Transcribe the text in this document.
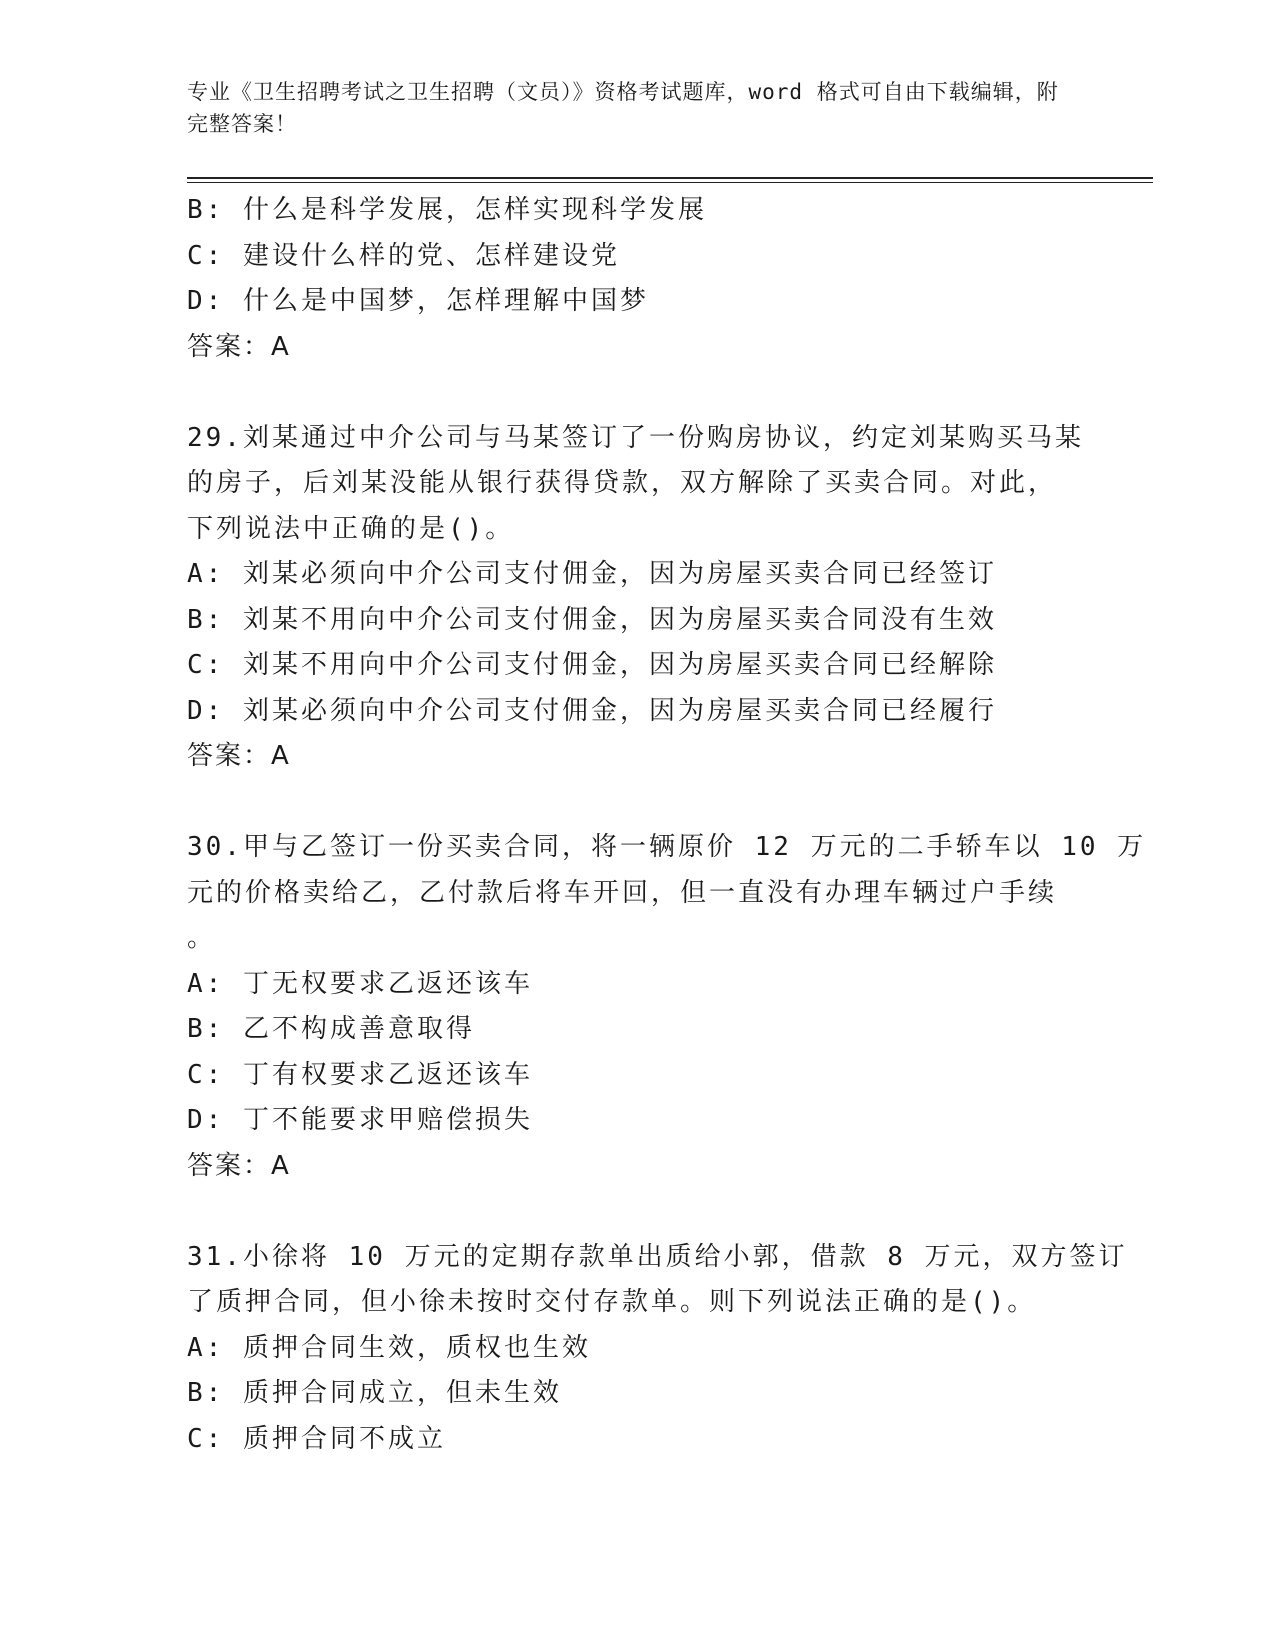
专业《卫生招聘考试之卫生招聘（文员）》资格考试题库，word 格式可自由下载编辑，附完整答案！
B: 什么是科学发展，怎样实现科学发展
C: 建设什么样的党、怎样建设党
D: 什么是中国梦，怎样理解中国梦
答案：A
29.刘某通过中介公司与马某签订了一份购房协议，约定刘某购买马某
的房子，后刘某没能从银行获得贷款，双方解除了买卖合同。对此，
下列说法中正确的是()。
A: 刘某必须向中介公司支付佣金，因为房屋买卖合同已经签订
B: 刘某不用向中介公司支付佣金，因为房屋买卖合同没有生效
C: 刘某不用向中介公司支付佣金，因为房屋买卖合同已经解除
D: 刘某必须向中介公司支付佣金，因为房屋买卖合同已经履行
答案：A
30.甲与乙签订一份买卖合同，将一辆原价 12 万元的二手轿车以 10 万
元的价格卖给乙，乙付款后将车开回，但一直没有办理车辆过户手续
。
A: 丁无权要求乙返还该车
B: 乙不构成善意取得
C: 丁有权要求乙返还该车
D: 丁不能要求甲赔偿损失
答案：A
31.小徐将 10 万元的定期存款单出质给小郭，借款 8 万元，双方签订
了质押合同，但小徐未按时交付存款单。则下列说法正确的是()。
A: 质押合同生效，质权也生效
B: 质押合同成立，但未生效
C: 质押合同不成立
